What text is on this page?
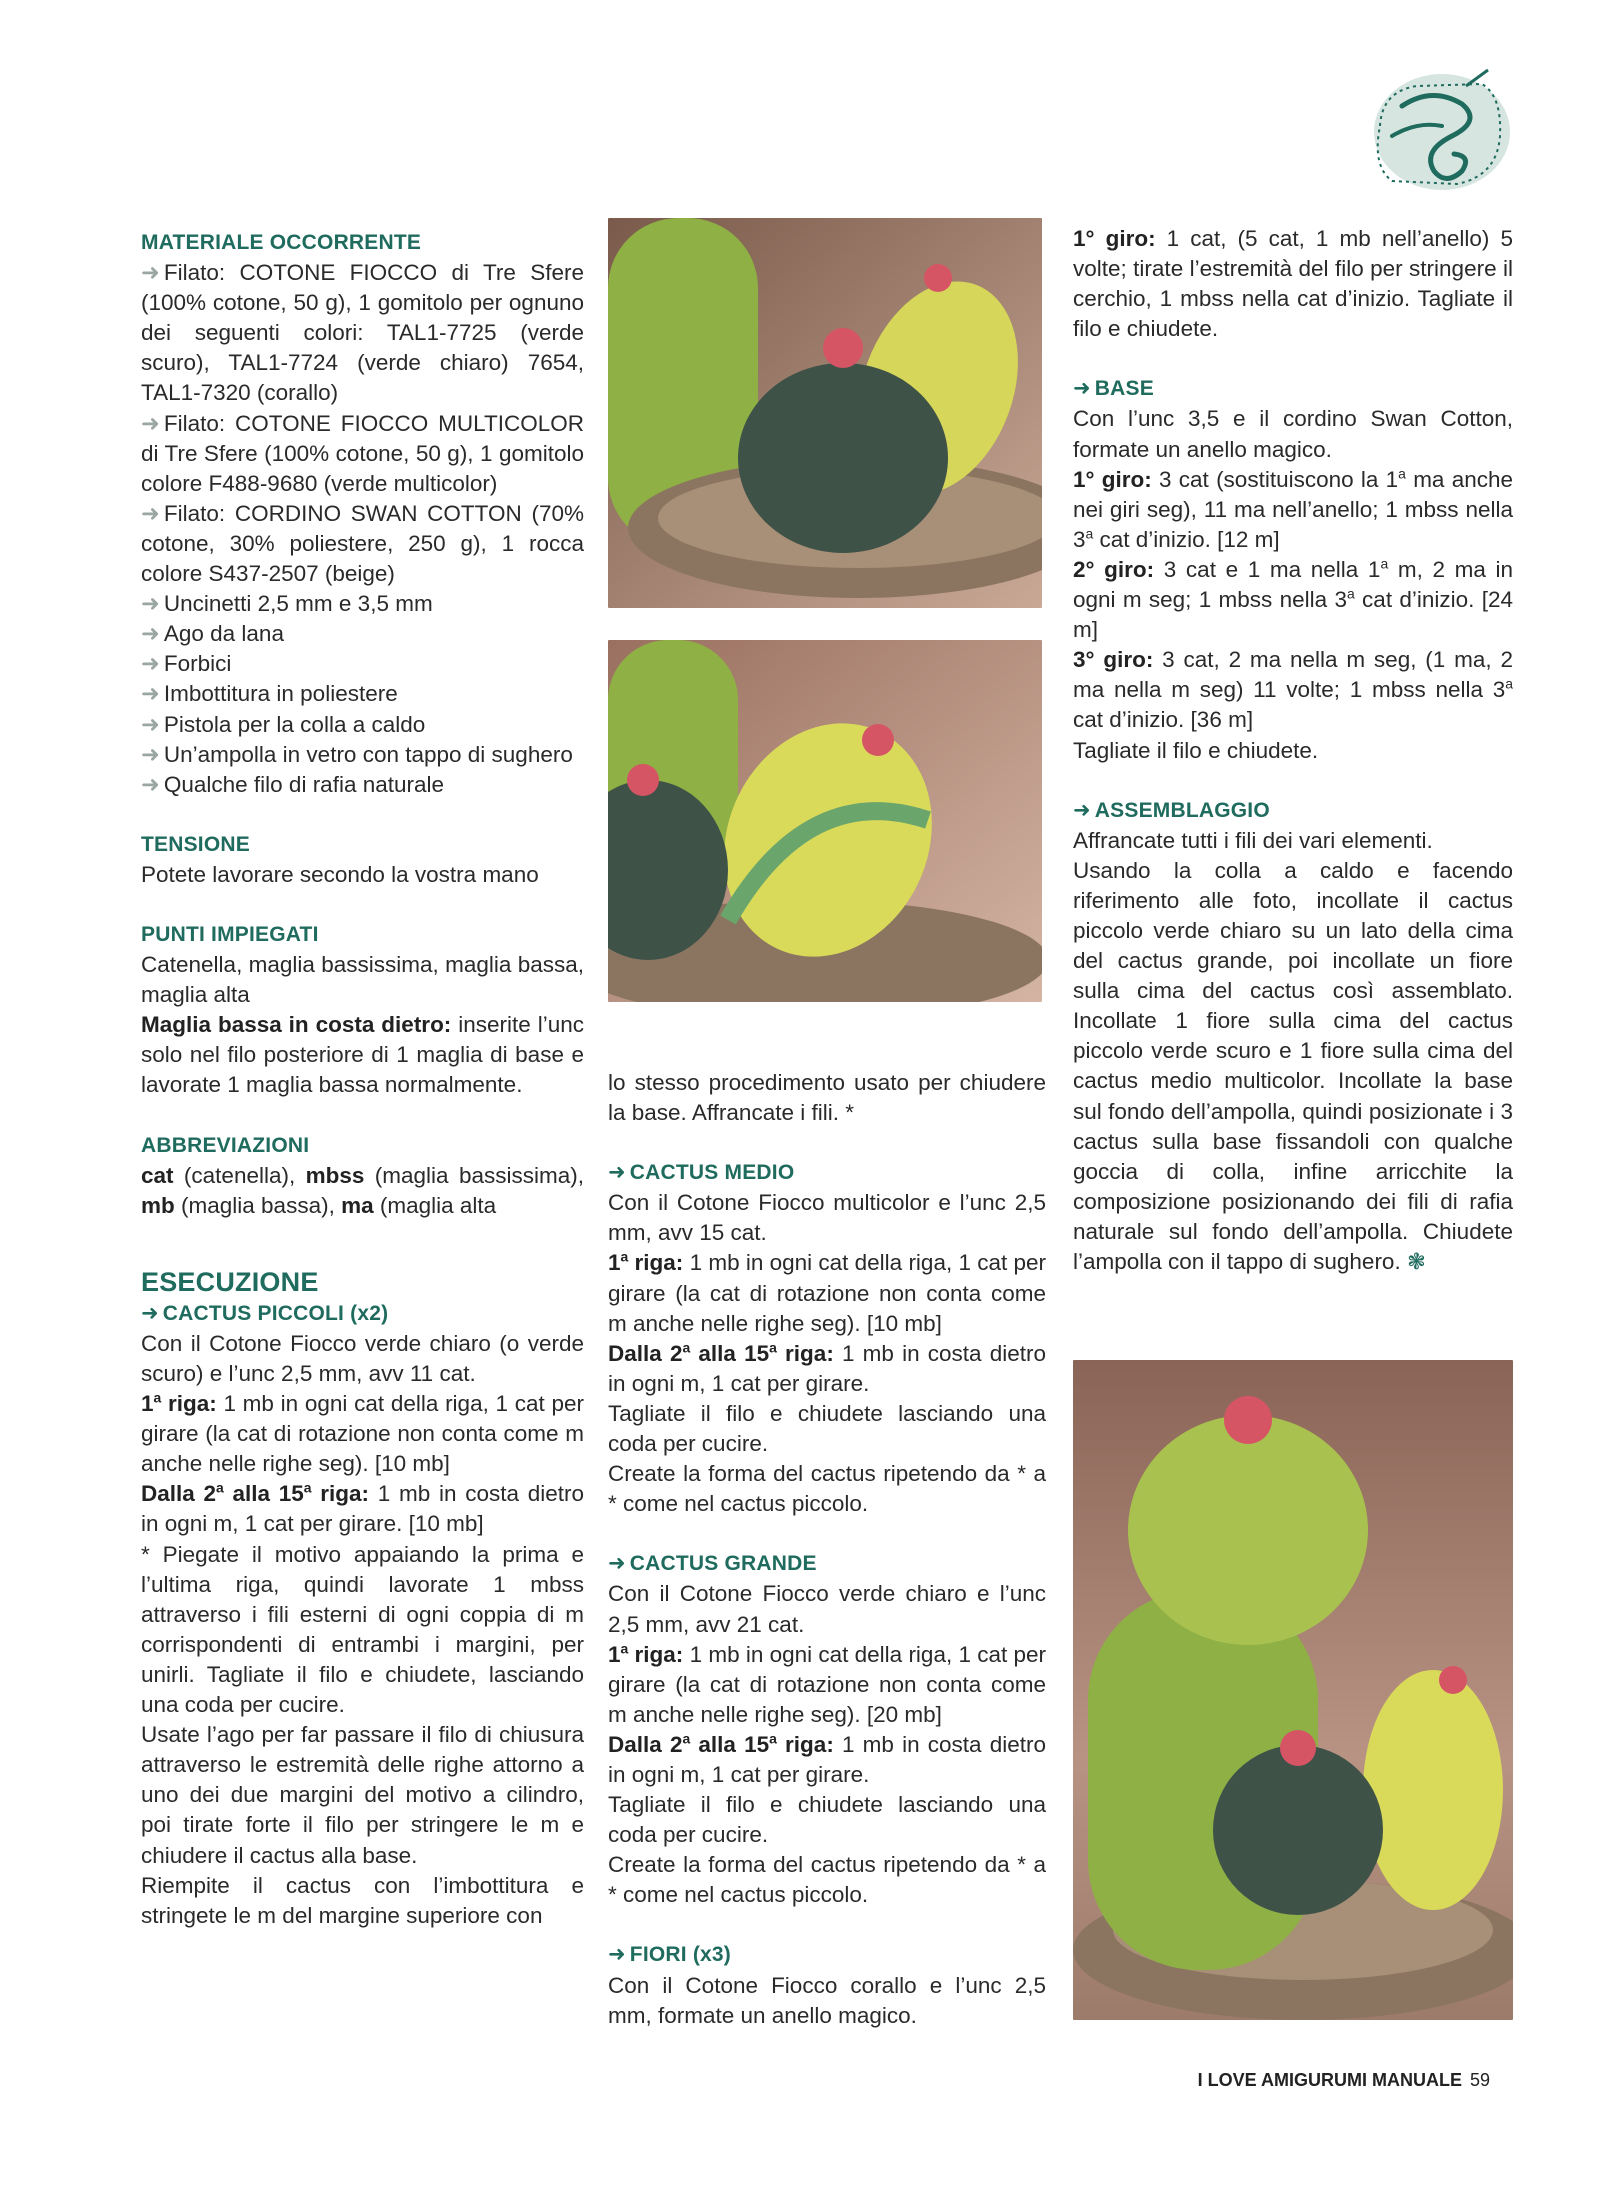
MATERIALE OCCORRENTE

➜ Filato: COTONE FIOCCO di Tre Sfere (100% cotone, 50 g), 1 gomitolo per ognuno dei seguenti colori: TAL1-7725 (verde scuro), TAL1-7724 (verde chiaro) 7654, TAL1-7320 (corallo)

➜ Filato: COTONE FIOCCO MULTICOLOR di Tre Sfere (100% cotone, 50 g), 1 gomitolo colore F488-9680 (verde multicolor)

➜ Filato: CORDINO SWAN COTTON (70% cotone, 30% poliestere, 250 g), 1 rocca colore S437-2507 (beige)

➜ Uncinetti 2,5 mm e 3,5 mm

➜ Ago da lana

➜ Forbici

➜ Imbottitura in poliestere

➜ Pistola per la colla a caldo

➜ Un’ampolla in vetro con tappo di sughero

➜ Qualche filo di rafia naturale

TENSIONE

Potete lavorare secondo la vostra mano

PUNTI IMPIEGATI

Catenella, maglia bassissima, maglia bassa, maglia alta

Maglia bassa in costa dietro: inserite l’unc solo nel filo posteriore di 1 maglia di base e lavorate 1 maglia bassa normalmente.

ABBREVIAZIONI

cat (catenella), mbss (maglia bassissima), mb (maglia bassa), ma (maglia alta

ESECUZIONE

➜ CACTUS PICCOLI (x2)

Con il Cotone Fiocco verde chiaro (o verde scuro) e l’unc 2,5 mm, avv 11 cat.

1$^a$ riga: 1 mb in ogni cat della riga, 1 cat per girare (la cat di rotazione non conta come m anche nelle righe seg). [10 mb]

Dalla 2$^a$ alla 15$^a$ riga: 1 mb in costa dietro in ogni m, 1 cat per girare. [10 mb]

* Piegate il motivo appaiando la prima e l’ultima riga, quindi lavorate 1 mbss attraverso i fili esterni di ogni coppia di m corrispondenti di entrambi i margini, per unirli. Tagliate il filo e chiudete, lasciando una coda per cucire.

Usate l’ago per far passare il filo di chiusura attraverso le estremità delle righe attorno a uno dei due margini del motivo a cilindro, poi tirate forte il filo per stringere le m e chiudere il cactus alla base.

Riempite il cactus con l’imbottitura e stringete le m del margine superiore con

lo stesso procedimento usato per chiudere la base. Affrancate i fili. *

➜ CACTUS MEDIO

Con il Cotone Fiocco multicolor e l’unc 2,5 mm, avv 15 cat.

1$^a$ riga: 1 mb in ogni cat della riga, 1 cat per girare (la cat di rotazione non conta come m anche nelle righe seg). [10 mb]

Dalla 2$^a$ alla 15$^a$ riga: 1 mb in costa dietro in ogni m, 1 cat per girare.

Tagliate il filo e chiudete lasciando una coda per cucire.

Create la forma del cactus ripetendo da * a * come nel cactus piccolo.

➜ CACTUS GRANDE

Con il Cotone Fiocco verde chiaro e l’unc 2,5 mm, avv 21 cat.

1$^a$ riga: 1 mb in ogni cat della riga, 1 cat per girare (la cat di rotazione non conta come m anche nelle righe seg). [20 mb]

Dalla 2$^a$ alla 15$^a$ riga: 1 mb in costa dietro in ogni m, 1 cat per girare.

Tagliate il filo e chiudete lasciando una coda per cucire.

Create la forma del cactus ripetendo da * a * come nel cactus piccolo.

➜ FIORI (x3)

Con il Cotone Fiocco corallo e l’unc 2,5 mm, formate un anello magico.

1° giro: 1 cat, (5 cat, 1 mb nell’anello) 5 volte; tirate l’estremità del filo per stringere il cerchio, 1 mbss nella cat d’inizio. Tagliate il filo e chiudete.

➜ BASE

Con l’unc 3,5 e il cordino Swan Cotton, formate un anello magico.

1° giro: 3 cat (sostituiscono la 1$^a$ ma anche nei giri seg), 11 ma nell’anello; 1 mbss nella 3$^a$ cat d’inizio. [12 m]

2° giro: 3 cat e 1 ma nella 1$^a$ m, 2 ma in ogni m seg; 1 mbss nella 3$^a$ cat d’inizio. [24 m]

3° giro: 3 cat, 2 ma nella m seg, (1 ma, 2 ma nella m seg) 11 volte; 1 mbss nella 3$^a$ cat d’inizio. [36 m]

Tagliate il filo e chiudete.

➜ ASSEMBLAGGIO

Affrancate tutti i fili dei vari elementi.

Usando la colla a caldo e facendo riferimento alle foto, incollate il cactus piccolo verde chiaro su un lato della cima del cactus grande, poi incollate un fiore sulla cima del cactus così assemblato. Incollate 1 fiore sulla cima del cactus piccolo verde scuro e 1 fiore sulla cima del cactus medio multicolor. Incollate la base sul fondo dell’ampolla, quindi posizionate i 3 cactus sulla base fissandoli con qualche goccia di colla, infine arricchite la composizione posizionando dei fili di rafia naturale sul fondo dell’ampolla. Chiudete l’ampolla con il tappo di sughero. ❃

I LOVE AMIGURUMI MANUALE 59
